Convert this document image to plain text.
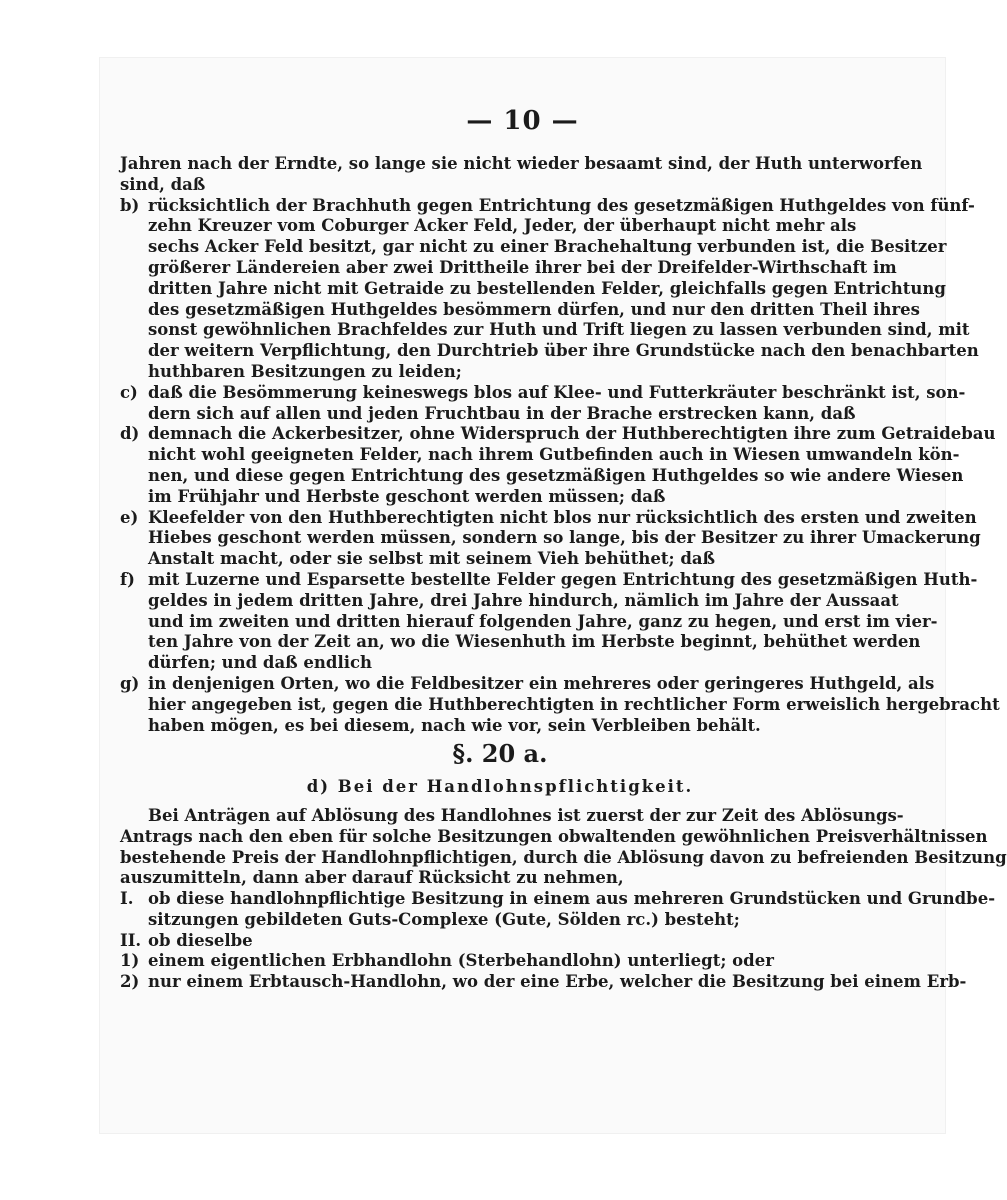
— 10 —
Jahren nach der Erndte, so lange sie nicht wieder besaamt sind, der Huth unterworfen
sind, daß
b) rücksichtlich der Brachhuth gegen Entrichtung des gesetzmäßigen Huthgeldes von fünf-
zehn Kreuzer vom Coburger Acker Feld, Jeder, der überhaupt nicht mehr als
sechs Acker Feld besitzt, gar nicht zu einer Brachehaltung verbunden ist, die Besitzer
größerer Ländereien aber zwei Drittheile ihrer bei der Dreifelder-Wirthschaft im
dritten Jahre nicht mit Getraide zu bestellenden Felder, gleichfalls gegen Entrichtung
des gesetzmäßigen Huthgeldes besömmern dürfen, und nur den dritten Theil ihres
sonst gewöhnlichen Brachfeldes zur Huth und Trift liegen zu lassen verbunden sind, mit
der weitern Verpflichtung, den Durchtrieb über ihre Grundstücke nach den benachbarten
huthbaren Besitzungen zu leiden;
c) daß die Besömmerung keineswegs blos auf Klee- und Futterkräuter beschränkt ist, son-
dern sich auf allen und jeden Fruchtbau in der Brache erstrecken kann, daß
d) demnach die Ackerbesitzer, ohne Widerspruch der Huthberechtigten ihre zum Getraidebau
nicht wohl geeigneten Felder, nach ihrem Gutbefinden auch in Wiesen umwandeln kön-
nen, und diese gegen Entrichtung des gesetzmäßigen Huthgeldes so wie andere Wiesen
im Frühjahr und Herbste geschont werden müssen; daß
e) Kleefelder von den Huthberechtigten nicht blos nur rücksichtlich des ersten und zweiten
Hiebes geschont werden müssen, sondern so lange, bis der Besitzer zu ihrer Umackerung
Anstalt macht, oder sie selbst mit seinem Vieh behüthet; daß
f) mit Luzerne und Esparsette bestellte Felder gegen Entrichtung des gesetzmäßigen Huth-
geldes in jedem dritten Jahre, drei Jahre hindurch, nämlich im Jahre der Aussaat
und im zweiten und dritten hierauf folgenden Jahre, ganz zu hegen, und erst im vier-
ten Jahre von der Zeit an, wo die Wiesenhuth im Herbste beginnt, behüthet werden
dürfen; und daß endlich
g) in denjenigen Orten, wo die Feldbesitzer ein mehreres oder geringeres Huthgeld, als
hier angegeben ist, gegen die Huthberechtigten in rechtlicher Form erweislich hergebracht
haben mögen, es bei diesem, nach wie vor, sein Verbleiben behält.
§. 20 a.
d) Bei der Handlohnspflichtigkeit.
Bei Anträgen auf Ablösung des Handlohnes ist zuerst der zur Zeit des Ablösungs-
Antrags nach den eben für solche Besitzungen obwaltenden gewöhnlichen Preisverhältnissen
bestehende Preis der Handlohnpflichtigen, durch die Ablösung davon zu befreienden Besitzung
auszumitteln, dann aber darauf Rücksicht zu nehmen,
I. ob diese handlohnpflichtige Besitzung in einem aus mehreren Grundstücken und Grundbe-
sitzungen gebildeten Guts-Complexe (Gute, Sölden rc.) besteht;
II. ob dieselbe
1) einem eigentlichen Erbhandlohn (Sterbehandlohn) unterliegt; oder
2) nur einem Erbtausch-Handlohn, wo der eine Erbe, welcher die Besitzung bei einem Erb-
